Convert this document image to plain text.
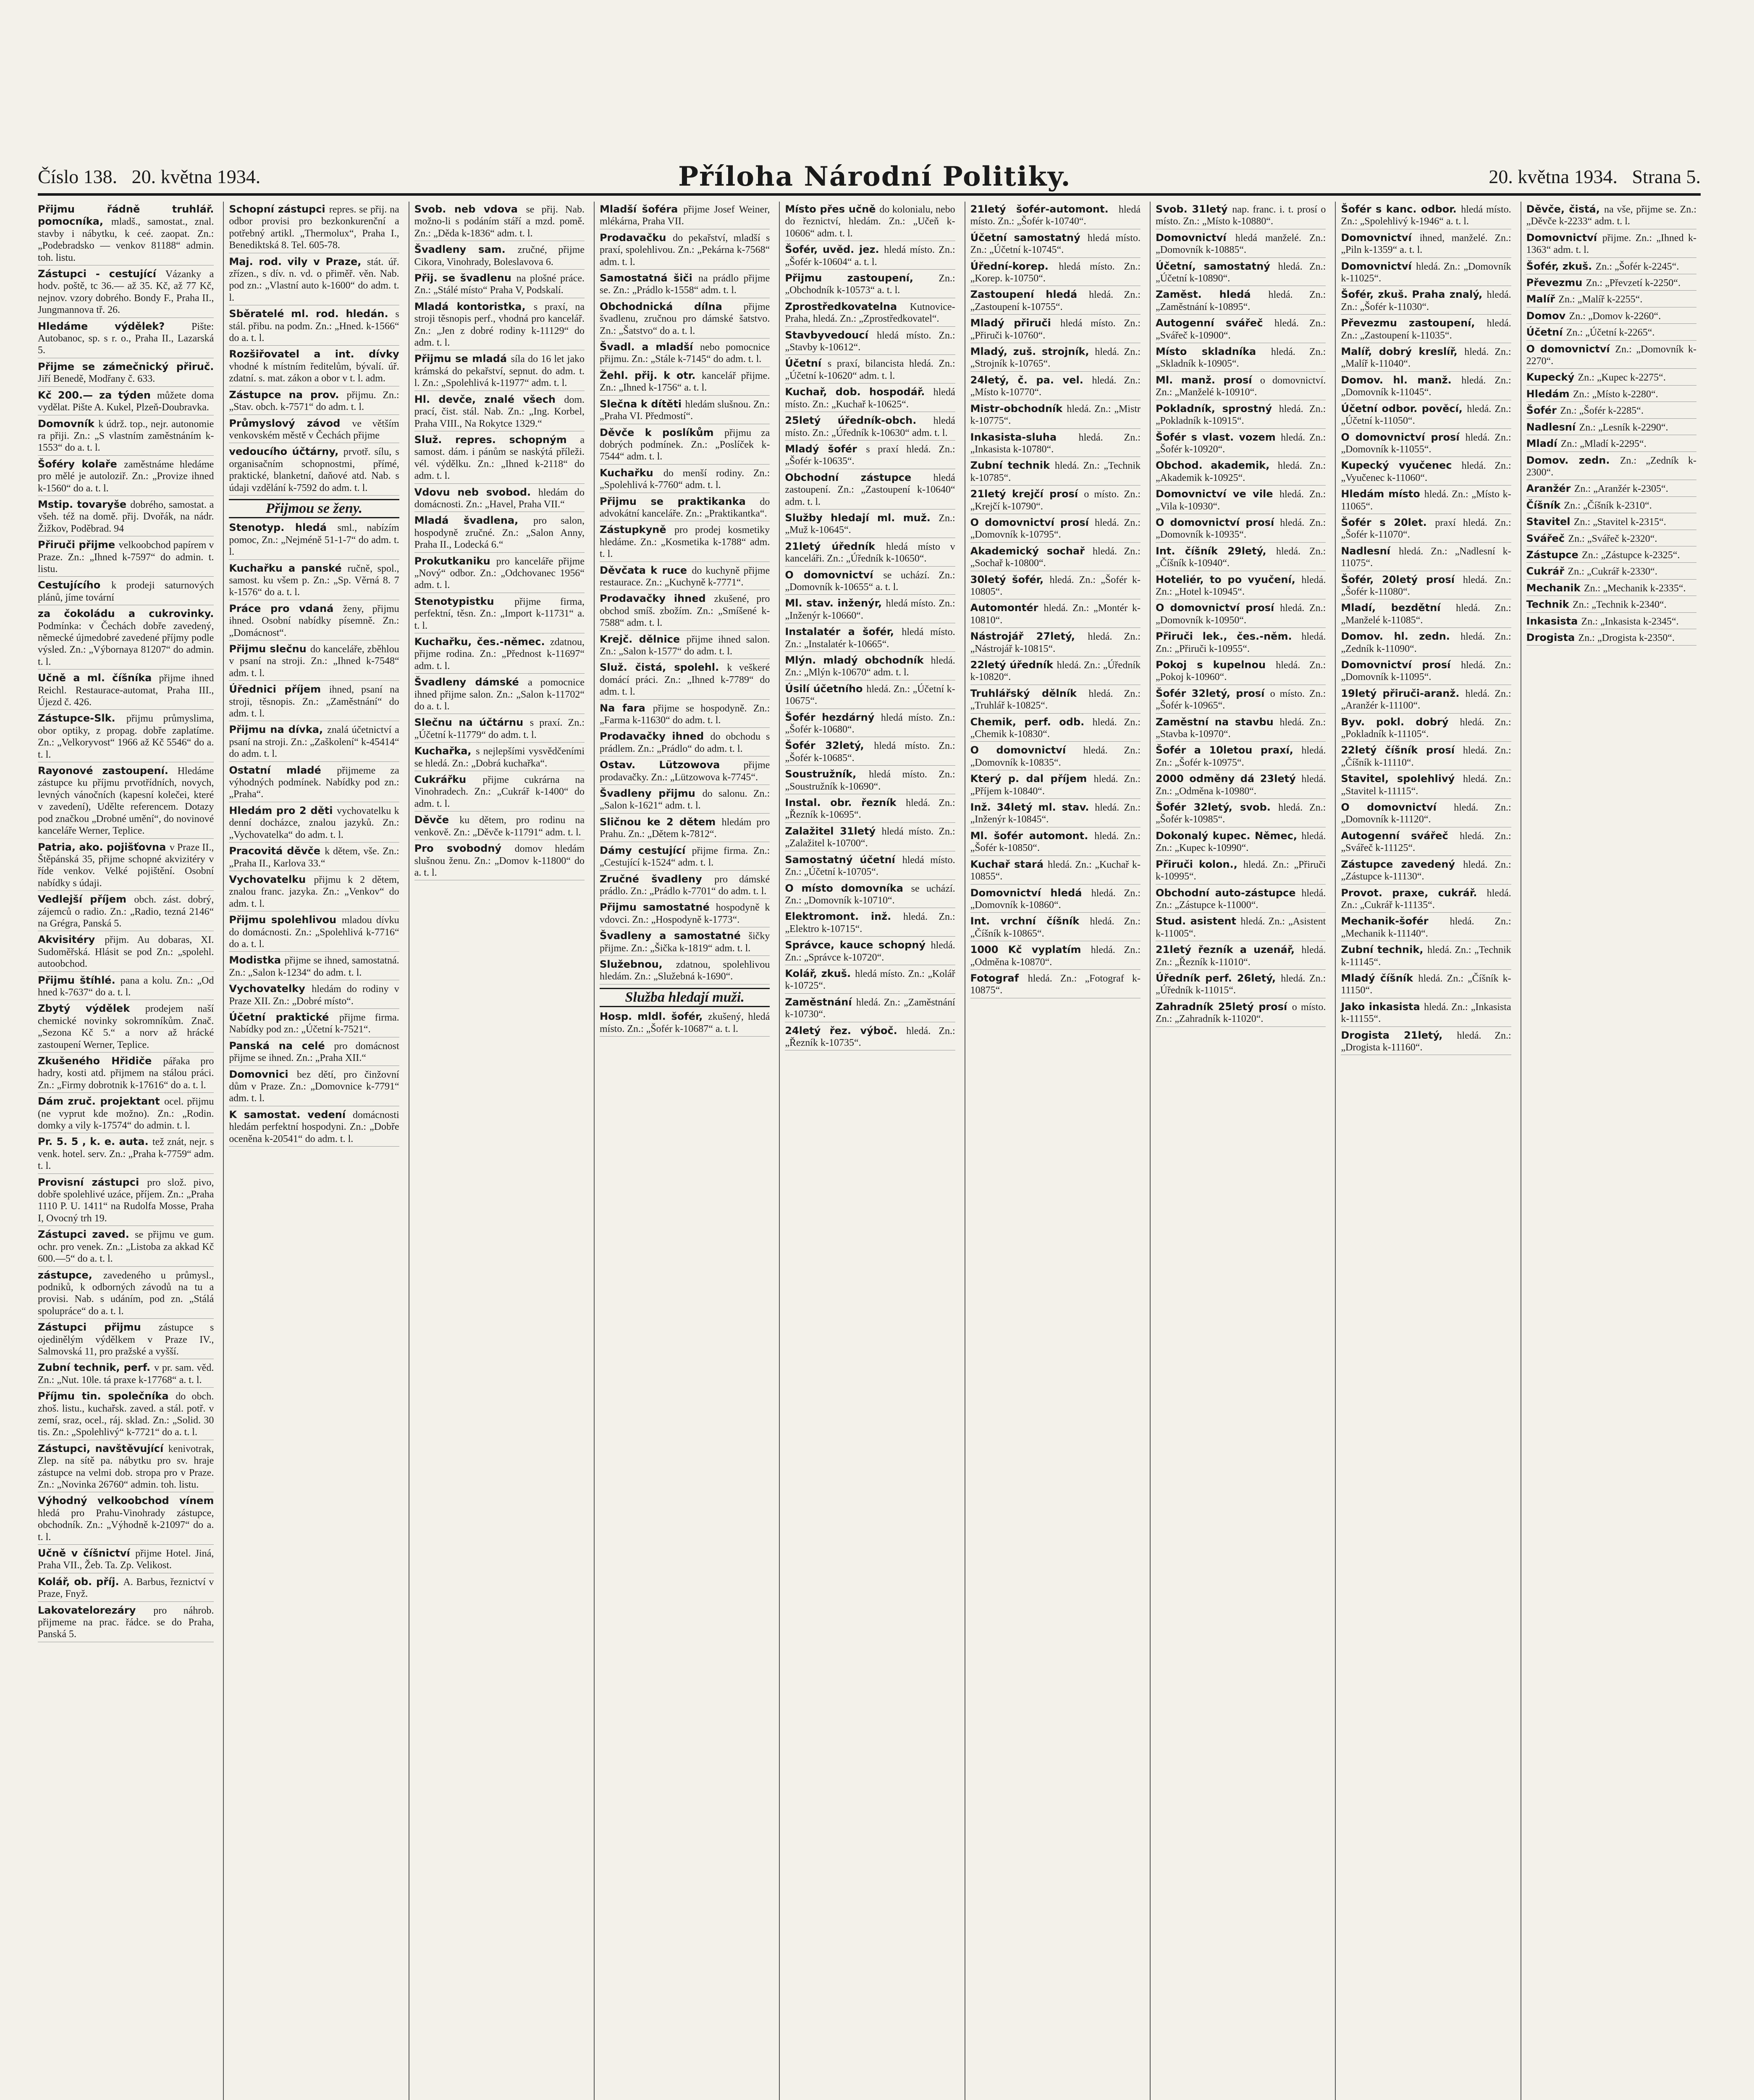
Číslo 138. 20. května 1934.	Příloha Národní Politiky.	20. května 1934. Strana 5.
Přijmu řádně truhlář. pomocníka, mladš., samostat., znal. stavby i nábytku, k ceé. zaopat. Zn.: „Podebradsko — venkov 81188“ admin. toh. listu.
Zástupci - cestující Vázanky a hodv. poště, tc 36.— až 35. Kč, až 77 Kč, nejnov. vzory dobrého. Bondy F., Praha II., Jungmannova tř. 26.
Hledáme výdělek? Pište: Autobanoc, sp. s r. o., Praha II., Lazarská 5.
Přijme se zámečnický přiruč. Jiří Benedě, Modřany č. 633.
Kč 200.— za týden můžete doma vydělat. Pište A. Kukel, Plzeň-Doubravka.
Domovník k údrž. top., nejr. autonomie ra přiji. Zn.: „S vlastním zaměstnáním k-1553“ do a. t. l.
Šoféry kolaře zaměstnáme hledáme pro mělé je autoloziř. Zn.: „Provize ihned k-1560“ do a. t. l.
Mstip. tovaryše dobrého, samostat. a všeh. též na domě. přij. Dvořák, na nádr. Žižkov, Poděbrad. 94
Přiruči přijme velkoobchod papírem v Praze. Zn.: „Ihned k-7597“ do admin. t. listu.
Cestujícího k prodeji saturnových plánů, jíme tovární
za čokoládu a cukrovinky. Podmínka: v Čechách dobře zavedený, německé újmedobré zavedené příjmy podle výsled. Zn.: „Výbornaya 81207“ do admin. t. l.
Učně a ml. číšníka přijme ihned Reichl. Restaurace-automat, Praha III., Újezd č. 426.
Zástupce-Slk. přijmu průmyslima, obor optiky, z propag. dobře zaplatíme. Zn.: „Velkoryvost“ 1966 až Kč 5546“ do a. t. l.
Rayonové zastoupení. Hledáme zástupce ku příjmu prvotřídních, novych, levných vánočních (kapesní kolečei, které v zavedení), Udělte referencem. Dotazy pod značkou „Drobné umění“, do novinové kanceláře Werner, Teplice.
Patria, ako. pojišťovna v Praze II., Štěpánská 35, přijme schopné akvizitéry v říde venkov. Velké pojištění. Osobní nabídky s údaji.
Vedlejší příjem obch. zást. dobrý, zájemců o radio. Zn.: „Radio, tezná 2146“ na Grégra, Panská 5.
Akvisitéry přijm. Au dobaras, XI. Sudoměřská. Hlásit se pod Zn.: „spolehl. autoobchod.
Přijmu štíhlé. pana a kolu. Zn.: „Od hned k-7637“ do a. t. l.
Zbytý výdělek prodejem naší chemické novinky sokromníkům. Znač. „Sezona Kč 5.“ a norv až hrácké zastoupení Werner, Teplice.
Zkušeného Hřidiče pářaka pro hadry, kosti atd. přijmem na stálou práci. Zn.: „Firmy dobrotnik k-17616“ do a. t. l.
Dám zruč. projektant ocel. přijmu (ne vyprut kde možno). Zn.: „Rodin. domky a vily k-17574“ do admin. t. l.
Pr. 5. 5 , k. e. auta. tež znát, nejr. s venk. hotel. serv. Zn.: „Praha k-7759“ adm. t. l.
Provisní zástupci pro slož. pivo, dobře spolehlivé uzáce, příjem. Zn.: „Praha 1110 P. U. 1411“ na Rudolfa Mosse, Praha I, Ovocný trh 19.
Zástupci zaved. se přijmu ve gum. ochr. pro venek. Zn.: „Listoba za akkad Kč 600.—5“ do a. t. l.
zástupce, zavedeného u průmysl., podniků, k odborných závodů na tu a provisi. Nab. s udáním, pod zn. „Stálá spolupráce“ do a. t. l.
Zástupci přijmu zástupce s ojedinělým výdělkem v Praze IV., Salmovská 11, pro pražské a vyšší.
Zubní technik, perf. v pr. sam. věd. Zn.: „Nut. 10le. tá praxe k-17768“ a. t. l.
Příjmu tin. společníka do obch. zhoš. listu., kuchařsk. zaved. a stál. potř. v zemí, sraz, ocel., ráj. sklad. Zn.: „Solid. 30 tis. Zn.: „Spolehlivý“ k-7721“ do a. t. l.
Zástupci, navštěvující kenivotrak, Zlep. na sítě pa. nábytku pro sv. hraje zástupce na velmi dob. stropa pro v Praze. Zn.: „Novinka 26760“ admin. toh. listu.
Výhodný velkoobchod vínem hledá pro Prahu-Vinohrady zástupce, obchodník. Zn.: „Výhodně k-21097“ do a. t. l.
Učně v číšnictví přijme Hotel. Jiná, Praha VII., Žeb. Ta. Zp. Velikost.
Kolář, ob. příj. A. Barbus, řeznictví v Praze, Fnyž.
Lakovatelorezáry pro náhrob. přijmeme na prac. řádce. se do Praha, Panská 5.
Schopní zástupci repres. se přij. na odbor provisi pro bezkonkurenční a potřebný artikl. „Thermolux“, Praha I., Benediktská 8. Tel. 605-78.
Maj. rod. vily v Praze, stát. úř. zřízen., s dív. n. vd. o přiměř. věn. Nab. pod zn.: „Vlastní auto k-1600“ do adm. t. l.
Sběratelé ml. rod. hledán. s stál. přibu. na podm. Zn.: „Hned. k-1566“ do a. t. l.
Rozšiřovatel a int. dívky vhodné k místním ředitelům, bývalí. úř. zdatní. s. mat. zákon a obor v t. l. adm.
Zástupce na prov. přijmu. Zn.: „Stav. obch. k-7571“ do adm. t. l.
Průmyslový závod ve větším venkovském městě v Čechách přijme
vedoucího účtárny, prvotř. sílu, s organisačním schopnostmi, přímé, praktické, blanketní, daňové atd. Nab. s údaji vzdělání k-7592 do adm. t. l.
Přijmou se ženy.
Stenotyp. hledá sml., nabízím pomoc, Zn.: „Nejméně 51-1-7“ do adm. t. l.
Kuchařku a panské ručně, spol., samost. ku všem p. Zn.: „Sp. Věrná 8. 7 k-1576“ do a. t. l.
Práce pro vdaná ženy, přijmu ihned. Osobní nabídky písemně. Zn.: „Domácnost“.
Přijmu slečnu do kanceláře, zběhlou v psaní na stroji. Zn.: „Ihned k-7548“ adm. t. l.
Úřednici příjem ihned, psaní na stroji, těsnopis. Zn.: „Zaměstnání“ do adm. t. l.
Přijmu na dívka, znalá účetnictví a psaní na stroji. Zn.: „Zaškolení“ k-45414“ do adm. t. l.
Ostatní mladé přijmeme za výhodných podmínek. Nabídky pod zn.: „Praha“.
Hledám pro 2 děti vychovatelku k denní docházce, znalou jazyků. Zn.: „Vychovatelka“ do adm. t. l.
Pracovitá děvče k dětem, vše. Zn.: „Praha II., Karlova 33.“
Vychovatelku přijmu k 2 dětem, znalou franc. jazyka. Zn.: „Venkov“ do adm. t. l.
Přijmu spolehlivou mladou dívku do domácnosti. Zn.: „Spolehlivá k-7716“ do a. t. l.
Modistka přijme se ihned, samostatná. Zn.: „Salon k-1234“ do adm. t. l.
Vychovatelky hledám do rodiny v Praze XII. Zn.: „Dobré místo“.
Účetní praktické přijme firma. Nabídky pod zn.: „Účetní k-7521“.
Panská na celé pro domácnost přijme se ihned. Zn.: „Praha XII.“
Domovnici bez dětí, pro činžovní dům v Praze. Zn.: „Domovnice k-7791“ adm. t. l.
K samostat. vedení domácnosti hledám perfektní hospodyni. Zn.: „Dobře oceněna k-20541“ do adm. t. l.
Svob. neb vdova se přij. Nab. možno-li s podáním stáří a mzd. pomě. Zn.: „Děda k-1836“ adm. t. l.
Švadleny sam. zručné, přijme Cikora, Vinohrady, Boleslavova 6.
Přij. se švadlenu na plošné práce. Zn.: „Stálé místo“ Praha V, Podskalí.
Mladá kontoristka, s praxí, na stroji těsnopis perf., vhodná pro kancelář. Zn.: „Jen z dobré rodiny k-11129“ do adm. t. l.
Přijmu se mladá síla do 16 let jako krámská do pekařství, sepnut. do adm. t. l. Zn.: „Spolehlivá k-11977“ adm. t. l.
Hl. devče, znalé všech dom. prací, čist. stál. Nab. Zn.: „Ing. Korbel, Praha VIII., Na Rokytce 1329.“
Služ. repres. schopným a samost. dám. i pánům se naskýtá příleži. vél. výdělku. Zn.: „Ihned k-2118“ do adm. t. l.
Vdovu neb svobod. hledám do domácnosti. Zn.: „Havel, Praha VII.“
Mladá švadlena, pro salon, hospodyně zručné. Zn.: „Salon Anny, Praha II., Lodecká 6.“
Prokutkaniku pro kanceláře přijme „Nový“ odbor. Zn.: „Odchovanec 1956“ adm. t. l.
Stenotypistku přijme firma, perfektní, těsn. Zn.: „Import k-11731“ a. t. l.
Kuchařku, čes.-němec. zdatnou, přijme rodina. Zn.: „Přednost k-11697“ adm. t. l.
Švadleny dámské a pomocnice ihned přijme salon. Zn.: „Salon k-11702“ do a. t. l.
Slečnu na účtárnu s praxí. Zn.: „Účetní k-11779“ do adm. t. l.
Kuchařka, s nejlepšími vysvědčeními se hledá. Zn.: „Dobrá kuchařka“.
Cukrářku přijme cukrárna na Vinohradech. Zn.: „Cukrář k-1400“ do adm. t. l.
Děvče ku dětem, pro rodinu na venkově. Zn.: „Děvče k-11791“ adm. t. l.
Pro svobodný domov hledám slušnou ženu. Zn.: „Domov k-11800“ do a. t. l.
Mladší šoféra přijme Josef Weiner, mlékárna, Praha VII.
Prodavačku do pekařství, mladší s praxí, spolehlivou. Zn.: „Pekárna k-7568“ adm. t. l.
Samostatná šiči na prádlo přijme se. Zn.: „Prádlo k-1558“ adm. t. l.
Obchodnická dílna přijme švadlenu, zručnou pro dámské šatstvo. Zn.: „Šatstvo“ do a. t. l.
Švadl. a mladší nebo pomocnice přijmu. Zn.: „Stále k-7145“ do adm. t. l.
Žehl. přij. k otr. kancelář přijme. Zn.: „Ihned k-1756“ a. t. l.
Slečna k dítěti hledám slušnou. Zn.: „Praha VI. Předmostí“.
Děvče k poslíkům přijmu za dobrých podmínek. Zn.: „Poslíček k-7544“ adm. t. l.
Kuchařku do menší rodiny. Zn.: „Spolehlivá k-7760“ adm. t. l.
Přijmu se praktikanka do advokátní kanceláře. Zn.: „Praktikantka“.
Zástupkyně pro prodej kosmetiky hledáme. Zn.: „Kosmetika k-1788“ adm. t. l.
Děvčata k ruce do kuchyně přijme restaurace. Zn.: „Kuchyně k-7771“.
Prodavačky ihned zkušené, pro obchod smíš. zbožím. Zn.: „Smíšené k-7588“ adm. t. l.
Krejč. dělnice přijme ihned salon. Zn.: „Salon k-1577“ do adm. t. l.
Služ. čistá, spolehl. k veškeré domácí práci. Zn.: „Ihned k-7789“ do adm. t. l.
Na fara přijme se hospodyně. Zn.: „Farma k-11630“ do adm. t. l.
Prodavačky ihned do obchodu s prádlem. Zn.: „Prádlo“ do adm. t. l.
Ostav. Lützowova přijme prodavačky. Zn.: „Lützowova k-7745“.
Švadleny přijmu do salonu. Zn.: „Salon k-1621“ adm. t. l.
Sličnou ke 2 dětem hledám pro Prahu. Zn.: „Dětem k-7812“.
Dámy cestující přijme firma. Zn.: „Cestující k-1524“ adm. t. l.
Zručné švadleny pro dámské prádlo. Zn.: „Prádlo k-7701“ do adm. t. l.
Přijmu samostatné hospodyně k vdovci. Zn.: „Hospodyně k-1773“.
Švadleny a samostatné šičky přijme. Zn.: „Šička k-1819“ adm. t. l.
Služebnou, zdatnou, spolehlivou hledám. Zn.: „Služebná k-1690“.
Služba hledají muži.
Hosp. mldl. šofér, zkušený, hledá místo. Zn.: „Šofér k-10687“ a. t. l.
Místo přes učně do kolonialu, nebo do řeznictví, hledám. Zn.: „Učeň k-10606“ adm. t. l.
Šofér, uvěd. jez. hledá místo. Zn.: „Šofér k-10604“ a. t. l.
Přijmu zastoupení, Zn.: „Obchodník k-10573“ a. t. l.
Zprostředkovatelna Kutnovice-Praha, hledá. Zn.: „Zprostředkovatel“.
Stavbyvedoucí hledá místo. Zn.: „Stavby k-10612“.
Účetní s praxí, bilancista hledá. Zn.: „Účetní k-10620“ adm. t. l.
Kuchař, dob. hospodář. hledá místo. Zn.: „Kuchař k-10625“.
25letý úředník-obch. hledá místo. Zn.: „Úředník k-10630“ adm. t. l.
Mladý šofér s praxí hledá. Zn.: „Šofér k-10635“.
Obchodní zástupce hledá zastoupení. Zn.: „Zastoupení k-10640“ adm. t. l.
Služby hledají ml. muž. Zn.: „Muž k-10645“.
21letý úředník hledá místo v kanceláři. Zn.: „Úředník k-10650“.
O domovnictví se uchází. Zn.: „Domovník k-10655“ a. t. l.
Ml. stav. inženýr, hledá místo. Zn.: „Inženýr k-10660“.
Instalatér a šofér, hledá místo. Zn.: „Instalatér k-10665“.
Mlýn. mladý obchodník hledá. Zn.: „Mlýn k-10670“ adm. t. l.
Úsilí účetního hledá. Zn.: „Účetní k-10675“.
Šofér hezdárný hledá místo. Zn.: „Šofér k-10680“.
Šofér 32letý, hledá místo. Zn.: „Šofér k-10685“.
Soustružník, hledá místo. Zn.: „Soustružník k-10690“.
Instal. obr. řezník hledá. Zn.: „Řezník k-10695“.
Zalažitel 31letý hledá místo. Zn.: „Zalažitel k-10700“.
Samostatný účetní hledá místo. Zn.: „Účetní k-10705“.
O místo domovníka se uchází. Zn.: „Domovník k-10710“.
Elektromont. inž. hledá. Zn.: „Elektro k-10715“.
Správce, kauce schopný hledá. Zn.: „Správce k-10720“.
Kolář, zkuš. hledá místo. Zn.: „Kolář k-10725“.
Zaměstnání hledá. Zn.: „Zaměstnání k-10730“.
24letý řez. výboč. hledá. Zn.: „Řezník k-10735“.
21letý šofér-automont. hledá místo. Zn.: „Šofér k-10740“.
Účetní samostatný hledá místo. Zn.: „Účetní k-10745“.
Úřední-korep. hledá místo. Zn.: „Korep. k-10750“.
Zastoupení hledá hledá. Zn.: „Zastoupení k-10755“.
Mladý přiruči hledá místo. Zn.: „Přiruči k-10760“.
Mladý, zuš. strojník, hledá. Zn.: „Strojník k-10765“.
24letý, č. pa. vel. hledá. Zn.: „Místo k-10770“.
Mistr-obchodník hledá. Zn.: „Mistr k-10775“.
Inkasista-sluha hledá. Zn.: „Inkasista k-10780“.
Zubní technik hledá. Zn.: „Technik k-10785“.
21letý krejčí prosí o místo. Zn.: „Krejčí k-10790“.
O domovnictví prosí hledá. Zn.: „Domovník k-10795“.
Akademický sochař hledá. Zn.: „Sochař k-10800“.
30letý šofér, hledá. Zn.: „Šofér k-10805“.
Automontér hledá. Zn.: „Montér k-10810“.
Nástrojář 27letý, hledá. Zn.: „Nástrojář k-10815“.
22letý úředník hledá. Zn.: „Úředník k-10820“.
Truhlářský dělník hledá. Zn.: „Truhlář k-10825“.
Chemik, perf. odb. hledá. Zn.: „Chemik k-10830“.
O domovnictví hledá. Zn.: „Domovník k-10835“.
Který p. dal příjem hledá. Zn.: „Příjem k-10840“.
Inž. 34letý ml. stav. hledá. Zn.: „Inženýr k-10845“.
Ml. šofér automont. hledá. Zn.: „Šofér k-10850“.
Kuchař stará hledá. Zn.: „Kuchař k-10855“.
Domovnictví hledá hledá. Zn.: „Domovník k-10860“.
Int. vrchní číšník hledá. Zn.: „Číšník k-10865“.
1000 Kč vyplatím hledá. Zn.: „Odměna k-10870“.
Fotograf hledá. Zn.: „Fotograf k-10875“.
Svob. 31letý nap. franc. i. t. prosí o místo. Zn.: „Místo k-10880“.
Domovnictví hledá manželé. Zn.: „Domovník k-10885“.
Účetní, samostatný hledá. Zn.: „Účetní k-10890“.
Zaměst. hledá hledá. Zn.: „Zaměstnání k-10895“.
Autogenní svářeč hledá. Zn.: „Svářeč k-10900“.
Místo skladníka hledá. Zn.: „Skladník k-10905“.
Ml. manž. prosí o domovnictví. Zn.: „Manželé k-10910“.
Pokladník, sprostný hledá. Zn.: „Pokladník k-10915“.
Šofér s vlast. vozem hledá. Zn.: „Šofér k-10920“.
Obchod. akademik, hledá. Zn.: „Akademik k-10925“.
Domovnictví ve vile hledá. Zn.: „Vila k-10930“.
O domovnictví prosí hledá. Zn.: „Domovník k-10935“.
Int. číšník 29letý, hledá. Zn.: „Číšník k-10940“.
Hoteliér, to po vyučení, hledá. Zn.: „Hotel k-10945“.
O domovnictví prosí hledá. Zn.: „Domovník k-10950“.
Přiruči lek., čes.-něm. hledá. Zn.: „Přiruči k-10955“.
Pokoj s kupelnou hledá. Zn.: „Pokoj k-10960“.
Šofér 32letý, prosí o místo. Zn.: „Šofér k-10965“.
Zaměstní na stavbu hledá. Zn.: „Stavba k-10970“.
Šofér a 10letou praxí, hledá. Zn.: „Šofér k-10975“.
2000 odměny dá 23letý hledá. Zn.: „Odměna k-10980“.
Šofér 32letý, svob. hledá. Zn.: „Šofér k-10985“.
Dokonalý kupec. Němec, hledá. Zn.: „Kupec k-10990“.
Přiruči kolon., hledá. Zn.: „Přiruči k-10995“.
Obchodní auto-zástupce hledá. Zn.: „Zástupce k-11000“.
Stud. asistent hledá. Zn.: „Asistent k-11005“.
21letý řezník a uzenář, hledá. Zn.: „Řezník k-11010“.
Úředník perf. 26letý, hledá. Zn.: „Úředník k-11015“.
Zahradník 25letý prosí o místo. Zn.: „Zahradník k-11020“.
Šofér s kanc. odbor. hledá místo. Zn.: „Spolehlivý k-1946“ a. t. l.
Domovnictví ihned, manželé. Zn.: „Piln k-1359“ a. t. l.
Domovnictví hledá. Zn.: „Domovník k-11025“.
Šofér, zkuš. Praha znalý, hledá. Zn.: „Šofér k-11030“.
Převezmu zastoupení, hledá. Zn.: „Zastoupení k-11035“.
Malíř, dobrý kreslíř, hledá. Zn.: „Malíř k-11040“.
Domov. hl. manž. hledá. Zn.: „Domovník k-11045“.
Účetní odbor. pověcí, hledá. Zn.: „Účetní k-11050“.
O domovnictví prosí hledá. Zn.: „Domovník k-11055“.
Kupecký vyučenec hledá. Zn.: „Vyučenec k-11060“.
Hledám místo hledá. Zn.: „Místo k-11065“.
Šofér s 20let. praxí hledá. Zn.: „Šofér k-11070“.
Nadlesní hledá. Zn.: „Nadlesní k-11075“.
Šofér, 20letý prosí hledá. Zn.: „Šofér k-11080“.
Mladí, bezdětní hledá. Zn.: „Manželé k-11085“.
Domov. hl. zedn. hledá. Zn.: „Zedník k-11090“.
Domovnictví prosí hledá. Zn.: „Domovník k-11095“.
19letý přiruči-aranž. hledá. Zn.: „Aranžér k-11100“.
Byv. pokl. dobrý hledá. Zn.: „Pokladník k-11105“.
22letý číšník prosí hledá. Zn.: „Číšník k-11110“.
Stavitel, spolehlivý hledá. Zn.: „Stavitel k-11115“.
O domovnictví hledá. Zn.: „Domovník k-11120“.
Autogenní svářeč hledá. Zn.: „Svářeč k-11125“.
Zástupce zavedený hledá. Zn.: „Zástupce k-11130“.
Provot. praxe, cukrář. hledá. Zn.: „Cukrář k-11135“.
Mechanik-šofér hledá. Zn.: „Mechanik k-11140“.
Zubní technik, hledá. Zn.: „Technik k-11145“.
Mladý číšník hledá. Zn.: „Číšník k-11150“.
Jako inkasista hledá. Zn.: „Inkasista k-11155“.
Drogista 21letý, hledá. Zn.: „Drogista k-11160“.
Děvče, čistá, na vše, přijme se. Zn.: „Děvče k-2233“ adm. t. l.
Domovnictví přijme. Zn.: „Ihned k-1363“ adm. t. l.
Šofér, zkuš. Zn.: „Šofér k-2245“.
Převezmu Zn.: „Převzetí k-2250“.
Malíř Zn.: „Malíř k-2255“.
Domov Zn.: „Domov k-2260“.
Účetní Zn.: „Účetní k-2265“.
O domovnictví Zn.: „Domovník k-2270“.
Kupecký Zn.: „Kupec k-2275“.
Hledám Zn.: „Místo k-2280“.
Šofér Zn.: „Šofér k-2285“.
Nadlesní Zn.: „Lesník k-2290“.
Mladí Zn.: „Mladí k-2295“.
Domov. zedn. Zn.: „Zedník k-2300“.
Aranžér Zn.: „Aranžér k-2305“.
Číšník Zn.: „Číšník k-2310“.
Stavitel Zn.: „Stavitel k-2315“.
Svářeč Zn.: „Svářeč k-2320“.
Zástupce Zn.: „Zástupce k-2325“.
Cukrář Zn.: „Cukrář k-2330“.
Mechanik Zn.: „Mechanik k-2335“.
Technik Zn.: „Technik k-2340“.
Inkasista Zn.: „Inkasista k-2345“.
Drogista Zn.: „Drogista k-2350“.
